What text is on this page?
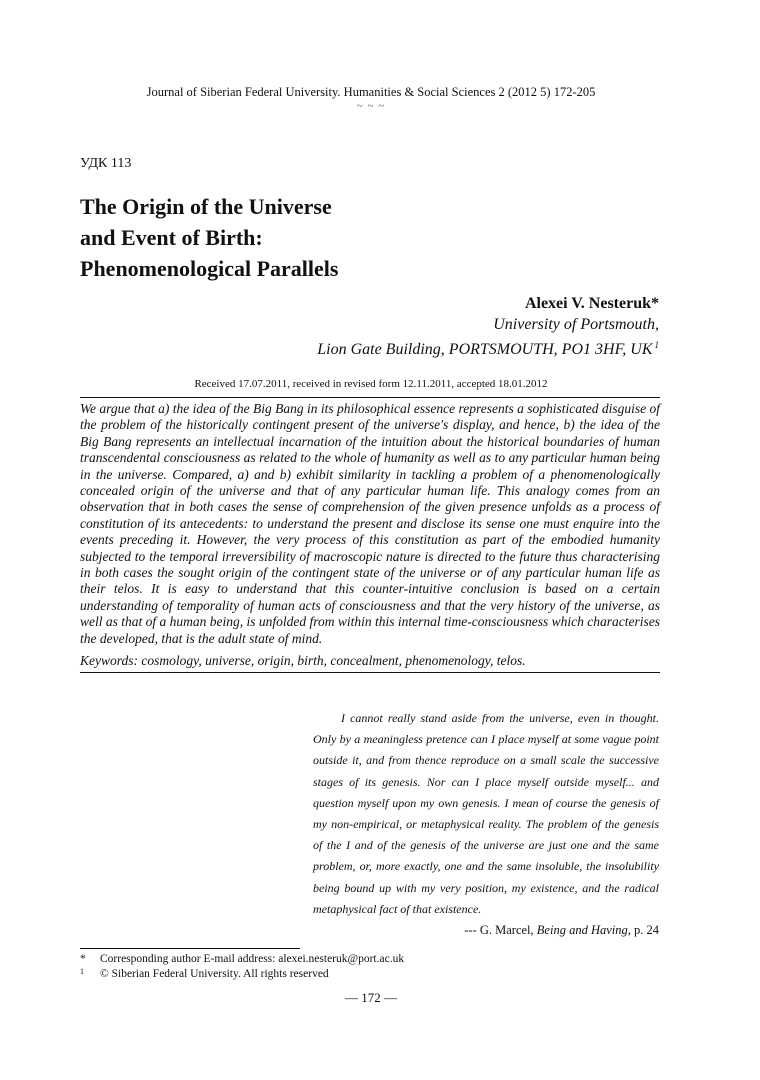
Journal of Siberian Federal University. Humanities & Social Sciences 2 (2012 5) 172-205
~ ~ ~
УДК 113
The Origin of the Universe
and Event of Birth:
Phenomenological Parallels
Alexei V. Nesteruk*
University of Portsmouth,
Lion Gate Building, PORTSMOUTH, PO1 3HF, UK $^1$
Received 17.07.2011, received in revised form 12.11.2011, accepted 18.01.2012

We argue that a) the idea of the Big Bang in its philosophical essence represents a sophisticated disguise of the problem of the historically contingent present of the universe's display, and hence, b) the idea of the Big Bang represents an intellectual incarnation of the intuition about the historical boundaries of human transcendental consciousness as related to the whole of humanity as well as to any particular human being in the universe. Compared, a) and b) exhibit similarity in tackling a problem of a phenomenologically concealed origin of the universe and that of any particular human life. This analogy comes from an observation that in both cases the sense of comprehension of the given presence unfolds as a process of constitution of its antecedents: to understand the present and disclose its sense one must enquire into the events preceding it. However, the very process of this constitution as part of the embodied humanity subjected to the temporal irreversibility of macroscopic nature is directed to the future thus characterising in both cases the sought origin of the contingent state of the universe or of any particular human life as their telos. It is easy to understand that this counter-intuitive conclusion is based on a certain understanding of temporality of human acts of consciousness and that the very history of the universe, as well as that of a human being, is unfolded from within this internal time-consciousness which characterises the developed, that is the adult state of mind.

Keywords: cosmology, universe, origin, birth, concealment, phenomenology, telos.

I cannot really stand aside from the universe, even in thought. Only by a meaningless pretence can I place myself at some vague point outside it, and from thence reproduce on a small scale the successive stages of its genesis. Nor can I place myself outside myself... and question myself upon my own genesis. I mean of course the genesis of my non-empirical, or metaphysical reality. The problem of the genesis of the I and of the genesis of the universe are just one and the same problem, or, more exactly, one and the same insoluble, the insolubility being bound up with my very position, my existence, and the radical metaphysical fact of that existence.

--- G. Marcel, Being and Having, p. 24

*	Corresponding author E-mail address: alexei.nesteruk@port.ac.uk
1	© Siberian Federal University. All rights reserved
— 172 —
